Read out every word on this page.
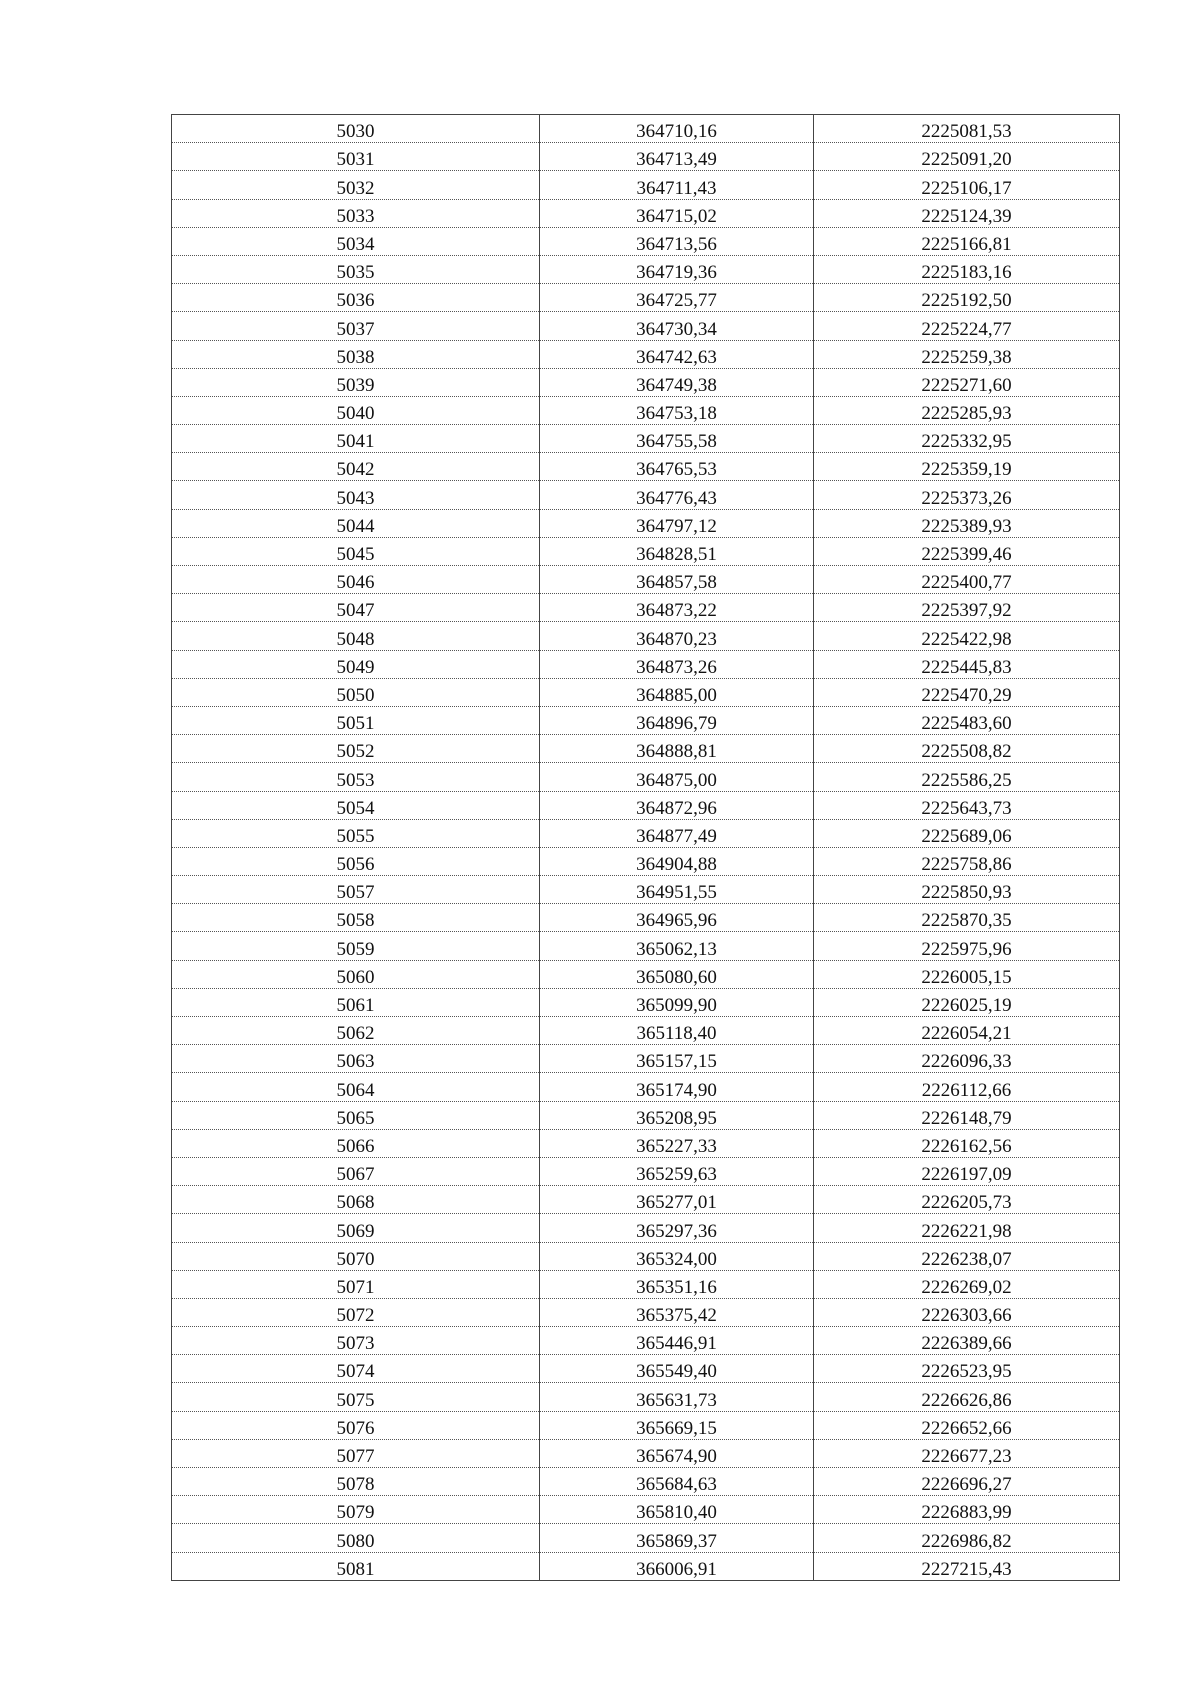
5030	364710,16	2225081,53
5031	364713,49	2225091,20
5032	364711,43	2225106,17
5033	364715,02	2225124,39
5034	364713,56	2225166,81
5035	364719,36	2225183,16
5036	364725,77	2225192,50
5037	364730,34	2225224,77
5038	364742,63	2225259,38
5039	364749,38	2225271,60
5040	364753,18	2225285,93
5041	364755,58	2225332,95
5042	364765,53	2225359,19
5043	364776,43	2225373,26
5044	364797,12	2225389,93
5045	364828,51	2225399,46
5046	364857,58	2225400,77
5047	364873,22	2225397,92
5048	364870,23	2225422,98
5049	364873,26	2225445,83
5050	364885,00	2225470,29
5051	364896,79	2225483,60
5052	364888,81	2225508,82
5053	364875,00	2225586,25
5054	364872,96	2225643,73
5055	364877,49	2225689,06
5056	364904,88	2225758,86
5057	364951,55	2225850,93
5058	364965,96	2225870,35
5059	365062,13	2225975,96
5060	365080,60	2226005,15
5061	365099,90	2226025,19
5062	365118,40	2226054,21
5063	365157,15	2226096,33
5064	365174,90	2226112,66
5065	365208,95	2226148,79
5066	365227,33	2226162,56
5067	365259,63	2226197,09
5068	365277,01	2226205,73
5069	365297,36	2226221,98
5070	365324,00	2226238,07
5071	365351,16	2226269,02
5072	365375,42	2226303,66
5073	365446,91	2226389,66
5074	365549,40	2226523,95
5075	365631,73	2226626,86
5076	365669,15	2226652,66
5077	365674,90	2226677,23
5078	365684,63	2226696,27
5079	365810,40	2226883,99
5080	365869,37	2226986,82
5081	366006,91	2227215,43
